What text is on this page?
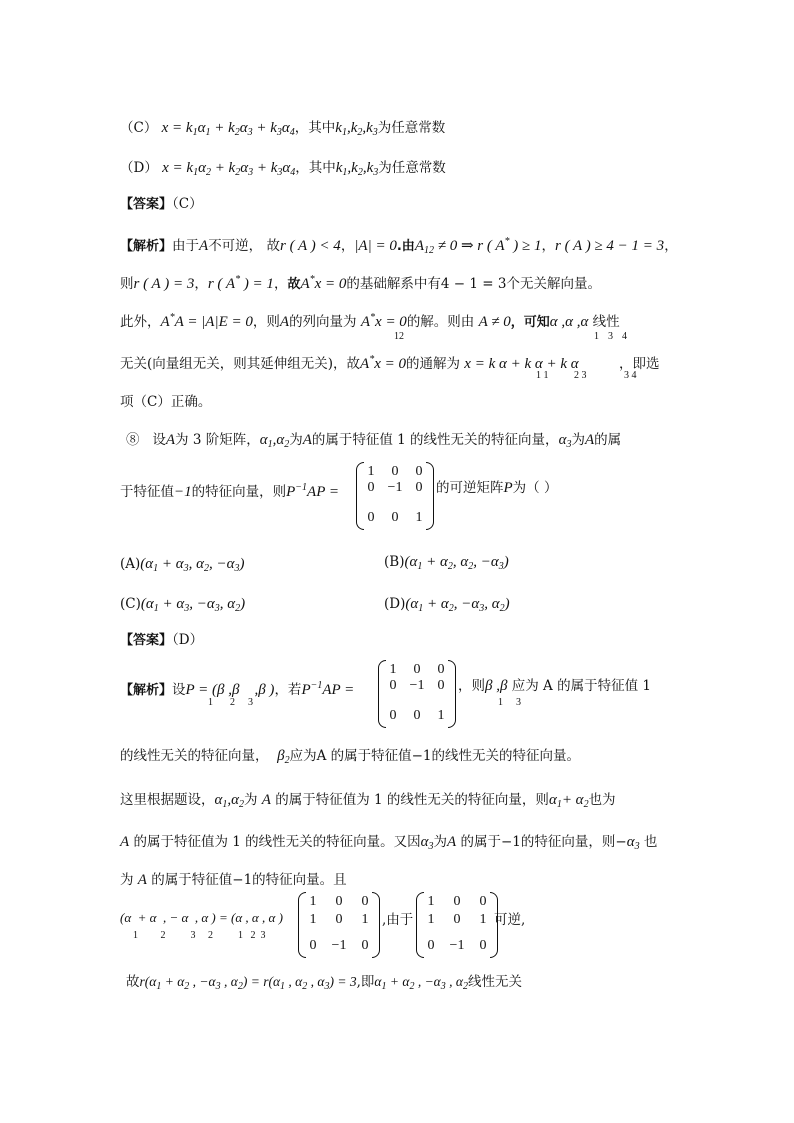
（C） $x = k_1\alpha_1 + k_2\alpha_3 + k_3\alpha_4$，其中$k_1,k_2,k_3$为任意常数
（D） $x = k_1\alpha_2 + k_2\alpha_3 + k_3\alpha_4$，其中$k_1,k_2,k_3$为任意常数
【答案】（C）
【解析】由于A不可逆， 故r ( A ) < 4，|A| = 0.由$A_{12} \ne 0$ ⇒ r ( A* ) ≥ 1，r ( A ) ≥ 4 − 1 = 3，
则r ( A ) = 3，r ( A* ) = 1，故A*x = 0的基础解系中有4 − 1 = 3个无关解向量。
此外，A*A = |A|E = 0，则A的列向量为 A*x = 0的解。则由 A ≠ 0，可知α ,α ,α 线性
12	1 3 4
无关(向量组无关，则其延伸组无关)，故A*x = 0的通解为 x = k α + k α + k α	，即选
1 1	2 3	3 4
项（C）正确。
⑧ 设A为 3 阶矩阵，$\alpha_1,\alpha_2$为A的属于特征值 1 的线性无关的特征向量，$\alpha_3$为A的属
于特征值−1的特征向量，则$P^{-1}AP$ =
1	0	0
0 −1 0
0	0	1
的可逆矩阵P为（ ）
$(A)(\alpha_1 + \alpha_3$, $\alpha_2$, $-\alpha_3$)	$(B)(\alpha_1 + \alpha_2$, $\alpha_2$, $-\alpha_3$)
$(C)(\alpha_1 + \alpha_3$, $-\alpha_3$, $\alpha_2$)	$(D)(\alpha_1 + \alpha_2$, $-\alpha_3$, $\alpha_2$)
【答案】（D）
【解析】设P = (β ,β    ,β )，若$P^{-1}AP$ =
1 2 3
1	0	0
0 −1 0
0	0	1
，则β ,β 应为 A 的属于特征值 1
1 3
的线性无关的特征向量， $\beta_2$应为A 的属于特征值−1的线性无关的特征向量。
这里根据题设，$\alpha_1,\alpha_2$为 A 的属于特征值为 1 的线性无关的特征向量，则$\alpha_1+ \alpha_2$也为
A 的属于特征值为 1 的线性无关的特征向量。又因$\alpha_3$为A 的属于−1的特征向量，则$-\alpha_3$ 也
为 A 的属于特征值−1的特征向量。且
(α  + α  , − α  , α ) = (α , α , α )
1         2          3     2          1   2  3
1	0	0
1	0	1
0	−1	0
,由于
1	0	0
1	0	1
0	−1	0
可逆,
故$r(\alpha_1 + \alpha_2$ , $-\alpha_3$ , $\alpha_2) = r(\alpha_1$ , $\alpha_2$ , $\alpha_3) = 3$,即$\alpha_1 + \alpha_2$ , $-\alpha_3$ , $\alpha_2$线性无关
